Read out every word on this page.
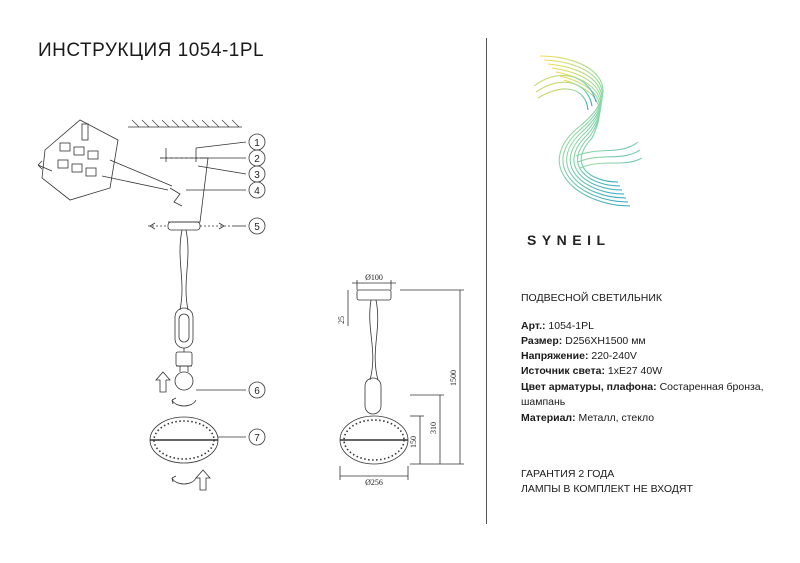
ИНСТРУКЦИЯ 1054-1PL
1
2
3
4
5
6
7
Ø100
25
1500
310
150
Ø256
SYNEIL
ПОДВЕСНОЙ СВЕТИЛЬНИК
Арт.: 1054-1PL
Размер: D256XH1500 мм
Напряжение: 220-240V
Источник света: 1xE27 40W
Цвет арматуры, плафона: Состаренная бронза, шампань
Материал: Металл, стекло
ГАРАНТИЯ 2 ГОДА
ЛАМПЫ В КОМПЛЕКТ НЕ ВХОДЯТ
